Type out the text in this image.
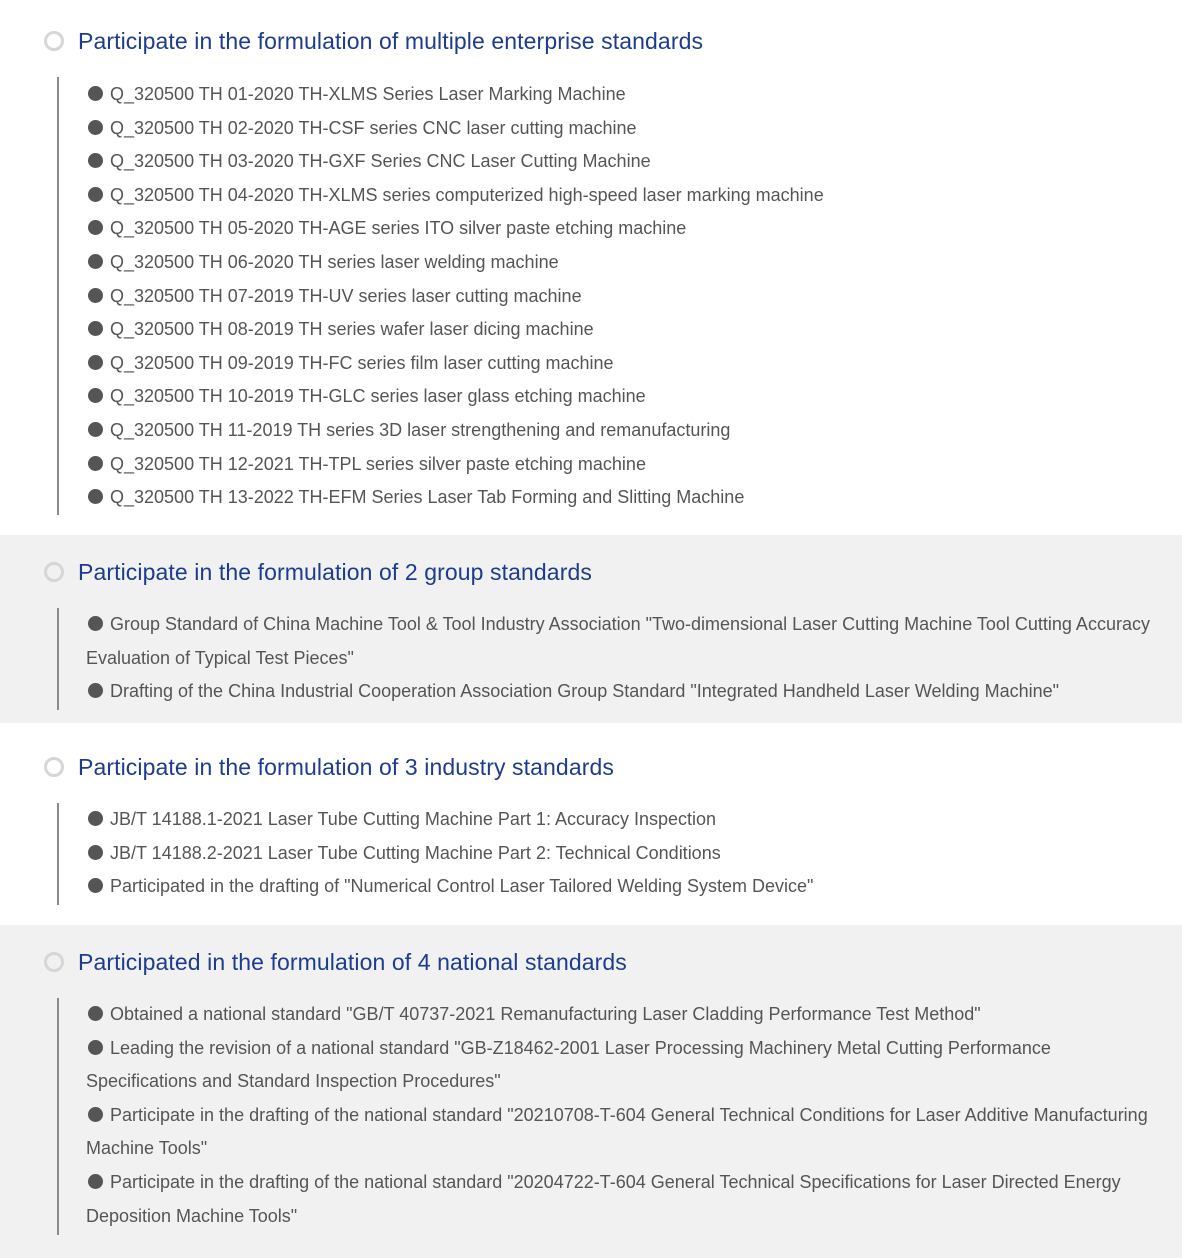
Participate in the formulation of multiple enterprise standards
Q_320500 TH 01-2020 TH-XLMS Series Laser Marking Machine
Q_320500 TH 02-2020 TH-CSF series CNC laser cutting machine
Q_320500 TH 03-2020 TH-GXF Series CNC Laser Cutting Machine
Q_320500 TH 04-2020 TH-XLMS series computerized high-speed laser marking machine
Q_320500 TH 05-2020 TH-AGE series ITO silver paste etching machine
Q_320500 TH 06-2020 TH series laser welding machine
Q_320500 TH 07-2019 TH-UV series laser cutting machine
Q_320500 TH 08-2019 TH series wafer laser dicing machine
Q_320500 TH 09-2019 TH-FC series film laser cutting machine
Q_320500 TH 10-2019 TH-GLC series laser glass etching machine
Q_320500 TH 11-2019 TH series 3D laser strengthening and remanufacturing
Q_320500 TH 12-2021 TH-TPL series silver paste etching machine
Q_320500 TH 13-2022 TH-EFM Series Laser Tab Forming and Slitting Machine
Participate in the formulation of 2 group standards
Group Standard of China Machine Tool & Tool Industry Association "Two-dimensional Laser Cutting Machine Tool Cutting Accuracy Evaluation of Typical Test Pieces"
Drafting of the China Industrial Cooperation Association Group Standard "Integrated Handheld Laser Welding Machine"
Participate in the formulation of 3 industry standards
JB/T 14188.1-2021 Laser Tube Cutting Machine Part 1: Accuracy Inspection
JB/T 14188.2-2021 Laser Tube Cutting Machine Part 2: Technical Conditions
Participated in the drafting of "Numerical Control Laser Tailored Welding System Device"
Participated in the formulation of 4 national standards
Obtained a national standard "GB/T 40737-2021 Remanufacturing Laser Cladding Performance Test Method"
Leading the revision of a national standard "GB-Z18462-2001 Laser Processing Machinery Metal Cutting Performance Specifications and Standard Inspection Procedures"
Participate in the drafting of the national standard "20210708-T-604 General Technical Conditions for Laser Additive Manufacturing Machine Tools"
Participate in the drafting of the national standard "20204722-T-604 General Technical Specifications for Laser Directed Energy Deposition Machine Tools"
